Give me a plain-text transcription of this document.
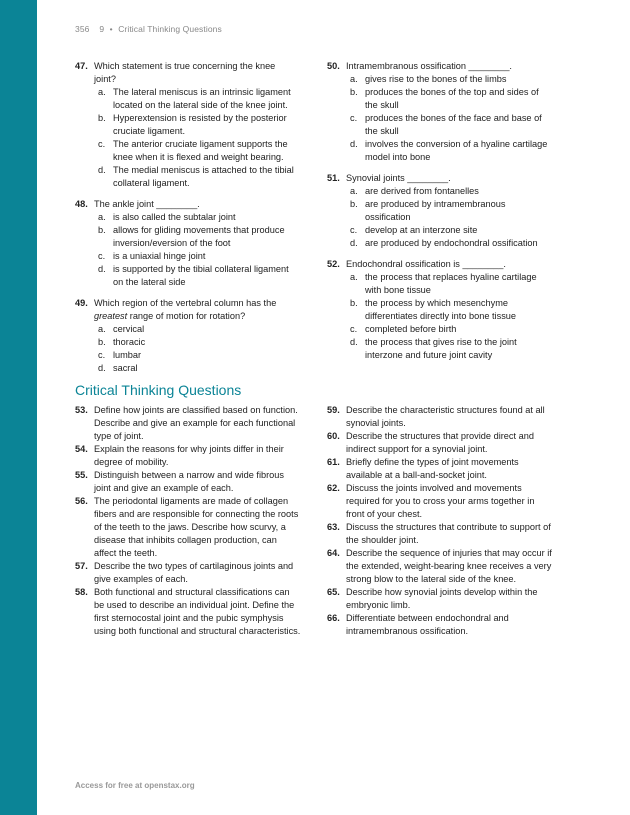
356 9 • Critical Thinking Questions
47. Which statement is true concerning the knee joint?
a. The lateral meniscus is an intrinsic ligament located on the lateral side of the knee joint.
b. Hyperextension is resisted by the posterior cruciate ligament.
c. The anterior cruciate ligament supports the knee when it is flexed and weight bearing.
d. The medial meniscus is attached to the tibial collateral ligament.
48. The ankle joint ________.
a. is also called the subtalar joint
b. allows for gliding movements that produce inversion/eversion of the foot
c. is a uniaxial hinge joint
d. is supported by the tibial collateral ligament on the lateral side
49. Which region of the vertebral column has the greatest range of motion for rotation?
a. cervical
b. thoracic
c. lumbar
d. sacral
50. Intramembranous ossification ________.
a. gives rise to the bones of the limbs
b. produces the bones of the top and sides of the skull
c. produces the bones of the face and base of the skull
d. involves the conversion of a hyaline cartilage model into bone
51. Synovial joints ________.
a. are derived from fontanelles
b. are produced by intramembranous ossification
c. develop at an interzone site
d. are produced by endochondral ossification
52. Endochondral ossification is ________.
a. the process that replaces hyaline cartilage with bone tissue
b. the process by which mesenchyme differentiates directly into bone tissue
c. completed before birth
d. the process that gives rise to the joint interzone and future joint cavity
Critical Thinking Questions
53. Define how joints are classified based on function. Describe and give an example for each functional type of joint.
54. Explain the reasons for why joints differ in their degree of mobility.
55. Distinguish between a narrow and wide fibrous joint and give an example of each.
56. The periodontal ligaments are made of collagen fibers and are responsible for connecting the roots of the teeth to the jaws. Describe how scurvy, a disease that inhibits collagen production, can affect the teeth.
57. Describe the two types of cartilaginous joints and give examples of each.
58. Both functional and structural classifications can be used to describe an individual joint. Define the first sternocostal joint and the pubic symphysis using both functional and structural characteristics.
59. Describe the characteristic structures found at all synovial joints.
60. Describe the structures that provide direct and indirect support for a synovial joint.
61. Briefly define the types of joint movements available at a ball-and-socket joint.
62. Discuss the joints involved and movements required for you to cross your arms together in front of your chest.
63. Discuss the structures that contribute to support of the shoulder joint.
64. Describe the sequence of injuries that may occur if the extended, weight-bearing knee receives a very strong blow to the lateral side of the knee.
65. Describe how synovial joints develop within the embryonic limb.
66. Differentiate between endochondral and intramembranous ossification.
Access for free at openstax.org
